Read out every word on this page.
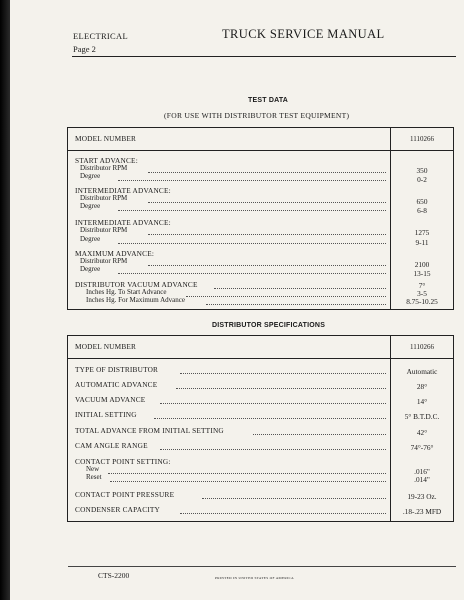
ELECTRICAL	TRUCK SERVICE MANUAL
Page 2
TEST DATA
(FOR USE WITH DISTRIBUTOR TEST EQUIPMENT)
MODEL NUMBER	1110266
START ADVANCE:
Distributor RPM	350
Degree	0-2
INTERMEDIATE ADVANCE:
Distributor RPM	650
Degree	6-8
INTERMEDIATE ADVANCE:
Distributor RPM	1275
Degree	9-11
MAXIMUM ADVANCE:
Distributor RPM	2100
Degree	13-15
DISTRIBUTOR VACUUM ADVANCE	7°
Inches Hg. To Start Advance	3-5
Inches Hg. For Maximum Advance	8.75-10.25
DISTRIBUTOR SPECIFICATIONS
MODEL NUMBER	1110266
TYPE OF DISTRIBUTOR	Automatic
AUTOMATIC ADVANCE	28°
VACUUM ADVANCE	14°
INITIAL SETTING	5° B.T.D.C.
TOTAL ADVANCE FROM INITIAL SETTING	42°
CAM ANGLE RANGE	74°-76°
CONTACT POINT SETTING:
New	.016"
Reset	.014"
CONTACT POINT PRESSURE	19-23 Oz.
CONDENSER CAPACITY	.18-.23 MFD
CTS-2200	PRINTED IN UNITED STATES OF AMERICA
